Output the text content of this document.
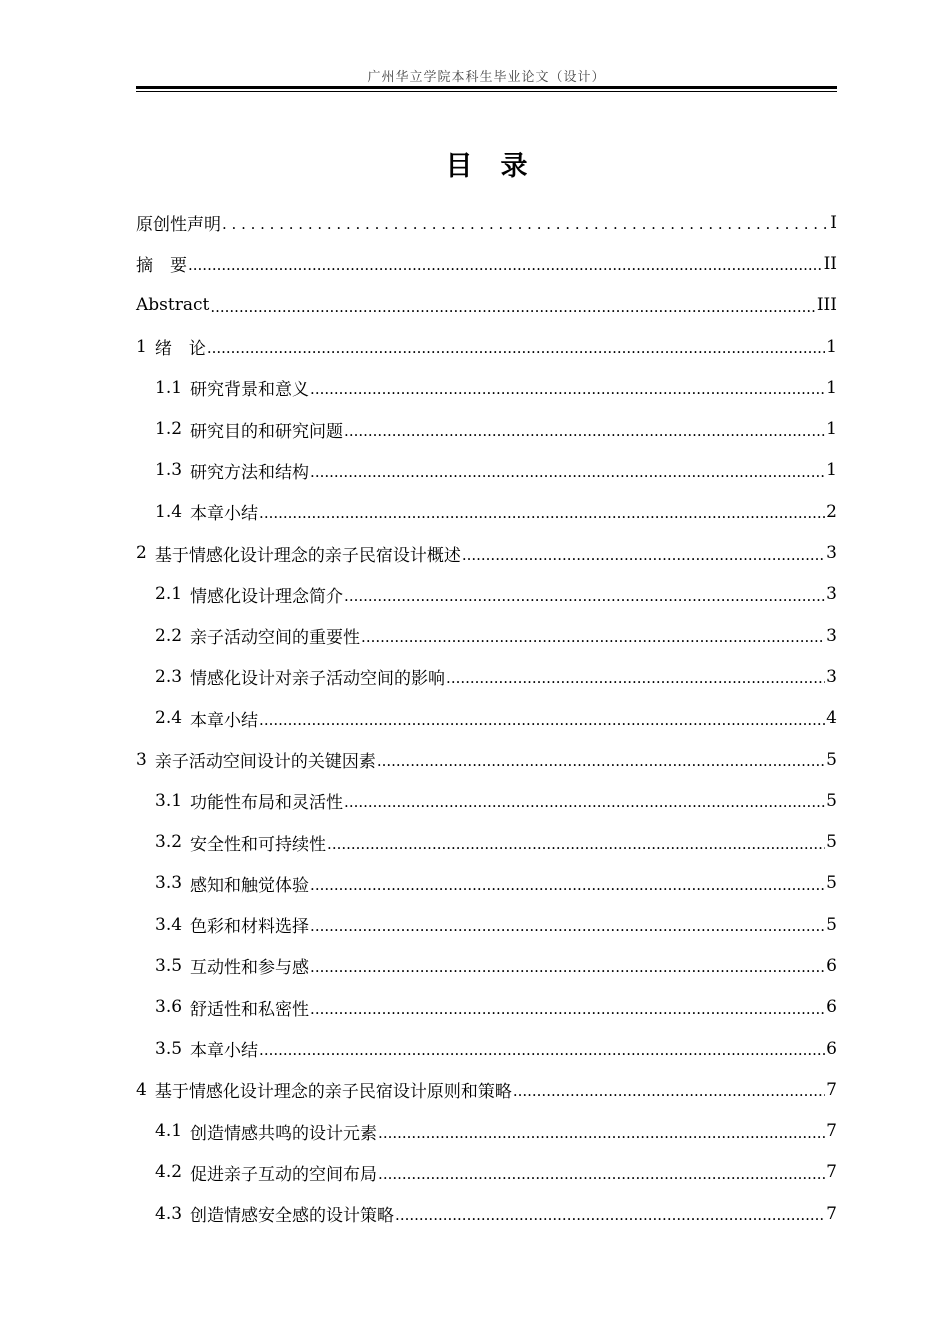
广州华立学院本科生毕业论文（设计）
目录
原创性声明 . . .	I
摘　要 .....	II
Abstract .....	III
1 绪　论 .....	1
1.1 研究背景和意义 .....	1
1.2 研究目的和研究问题 .....	1
1.3 研究方法和结构 .....	1
1.4 本章小结 .....	2
2 基于情感化设计理念的亲子民宿设计概述 .....	3
2.1 情感化设计理念简介 .....	3
2.2 亲子活动空间的重要性 .....	3
2.3 情感化设计对亲子活动空间的影响 .....	3
2.4 本章小结 .....	4
3 亲子活动空间设计的关键因素 .....	5
3.1 功能性布局和灵活性 .....	5
3.2 安全性和可持续性 .....	5
3.3 感知和触觉体验 .....	5
3.4 色彩和材料选择 .....	5
3.5 互动性和参与感 .....	6
3.6 舒适性和私密性 .....	6
3.5 本章小结 .....	6
4 基于情感化设计理念的亲子民宿设计原则和策略 .....	7
4.1 创造情感共鸣的设计元素 .....	7
4.2 促进亲子互动的空间布局 .....	7
4.3 创造情感安全感的设计策略 .....	7
